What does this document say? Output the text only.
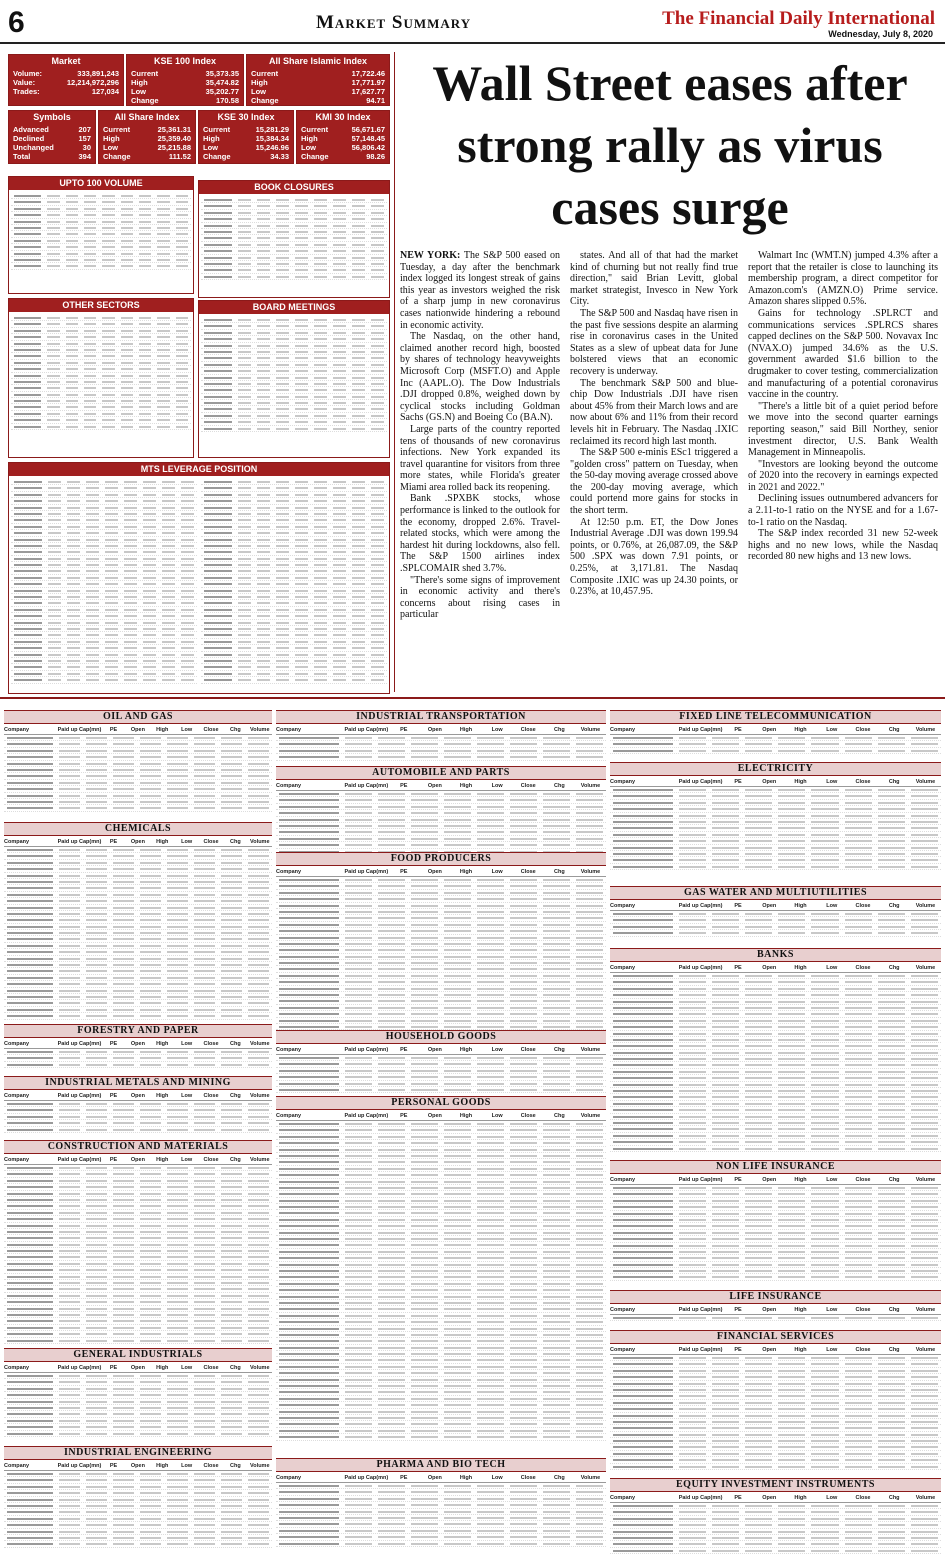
6	Market Summary	The Financial Daily International
Wednesday, July 8, 2020
Market
Volume:	333,891,243
Value:	12,214,972,296
Trades:	127,034
KSE 100 Index
Current	35,373.35
High	35,474.82
Low	35,202.77
Change	170.58
All Share Islamic Index
Current	17,722.46
High	17,771.97
Low	17,627.77
Change	94.71
Symbols
Advanced	207
Declined	157
Unchanged	30
Total	394
All Share Index
Current	25,361.31
High	25,359.40
Low	25,215.88
Change	111.52
KSE 30 Index
Current	15,281.29
High	15,384.34
Low	15,246.96
Change	34.33
KMI 30 Index
Current	56,671.67
High	57,148.45
Low	56,806.42
Change	98.26
UPTO 100 VOLUME
OTHER SECTORS
BOOK CLOSURES
BOARD MEETINGS
MTS LEVERAGE POSITION
Wall Street eases after strong rally as virus cases surge

NEW YORK: The S&P 500 eased on Tuesday, a day after the benchmark index logged its longest streak of gains this year as investors weighed the risk of a sharp jump in new coronavirus cases nationwide hindering a rebound in economic activity.

The Nasdaq, on the other hand, claimed another record high, boosted by shares of technology heavyweights Microsoft Corp (MSFT.O) and Apple Inc (AAPL.O). The Dow Industrials .DJI dropped 0.8%, weighed down by cyclical stocks including Goldman Sachs (GS.N) and Boeing Co (BA.N).

Large parts of the country reported tens of thousands of new coronavirus infections. New York expanded its travel quarantine for visitors from three more states, while Florida's greater Miami area rolled back its reopening.

Bank .SPXBK stocks, whose performance is linked to the outlook for the economy, dropped 2.6%. Travel-related stocks, which were among the hardest hit during lockdowns, also fell. The S&P 1500 airlines index .SPLCOMAIR shed 3.7%.

"There's some signs of improvement in economic activity and there's concerns about rising cases in particular

states. And all of that had the market kind of churning but not really find true direction," said Brian Levitt, global market strategist, Invesco in New York City.

The S&P 500 and Nasdaq have risen in the past five sessions despite an alarming rise in coronavirus cases in the United States as a slew of upbeat data for June bolstered views that an economic recovery is underway.

The benchmark S&P 500 and blue-chip Dow Industrials .DJI have risen about 45% from their March lows and are now about 6% and 11% from their record levels hit in February. The Nasdaq .IXIC reclaimed its record high last month.

The S&P 500 e-minis ESc1 triggered a "golden cross" pattern on Tuesday, when the 50-day moving average crossed above the 200-day moving average, which could portend more gains for stocks in the short term.

At 12:50 p.m. ET, the Dow Jones Industrial Average .DJI was down 199.94 points, or 0.76%, at 26,087.09, the S&P 500 .SPX was down 7.91 points, or 0.25%, at 3,171.81. The Nasdaq Composite .IXIC was up 24.30 points, or 0.23%, at 10,457.95.

Walmart Inc (WMT.N) jumped 4.3% after a report that the retailer is close to launching its membership program, a direct competitor for Amazon.com's (AMZN.O) Prime service. Amazon shares slipped 0.5%.

Gains for technology .SPLRCT and communications services .SPLRCS shares capped declines on the S&P 500. Novavax Inc (NVAX.O) jumped 34.6% as the U.S. government awarded $1.6 billion to the drugmaker to cover testing, commercialization and manufacturing of a potential coronavirus vaccine in the country.

"There's a little bit of a quiet period before we move into the second quarter earnings reporting season," said Bill Northey, senior investment director, U.S. Bank Wealth Management in Minneapolis.

"Investors are looking beyond the outcome of 2020 into the recovery in earnings expected in 2021 and 2022."

Declining issues outnumbered advancers for a 2.11-to-1 ratio on the NYSE and for a 1.67-to-1 ratio on the Nasdaq.

The S&P index recorded 31 new 52-week highs and no new lows, while the Nasdaq recorded 80 new highs and 13 new lows.

OIL AND GAS
Company	Paid up Cap(mn)	PE	Open	High	Low	Close	Chg	Volume
CHEMICALS
Company	Paid up Cap(mn)	PE	Open	High	Low	Close	Chg	Volume
FORESTRY AND PAPER
Company	Paid up Cap(mn)	PE	Open	High	Low	Close	Chg	Volume
INDUSTRIAL METALS AND MINING
Company	Paid up Cap(mn)	PE	Open	High	Low	Close	Chg	Volume
CONSTRUCTION AND MATERIALS
Company	Paid up Cap(mn)	PE	Open	High	Low	Close	Chg	Volume
GENERAL INDUSTRIALS
Company	Paid up Cap(mn)	PE	Open	High	Low	Close	Chg	Volume
INDUSTRIAL ENGINEERING
Company	Paid up Cap(mn)	PE	Open	High	Low	Close	Chg	Volume
INDUSTRIAL TRANSPORTATION
Company	Paid up Cap(mn)	PE	Open	High	Low	Close	Chg	Volume
AUTOMOBILE AND PARTS
Company	Paid up Cap(mn)	PE	Open	High	Low	Close	Chg	Volume
FOOD PRODUCERS
Company	Paid up Cap(mn)	PE	Open	High	Low	Close	Chg	Volume
HOUSEHOLD GOODS
Company	Paid up Cap(mn)	PE	Open	High	Low	Close	Chg	Volume
PERSONAL GOODS
Company	Paid up Cap(mn)	PE	Open	High	Low	Close	Chg	Volume
PHARMA AND BIO TECH
Company	Paid up Cap(mn)	PE	Open	High	Low	Close	Chg	Volume
FIXED LINE TELECOMMUNICATION
Company	Paid up Cap(mn)	PE	Open	High	Low	Close	Chg	Volume
ELECTRICITY
Company	Paid up Cap(mn)	PE	Open	High	Low	Close	Chg	Volume
GAS WATER AND MULTIUTILITIES
Company	Paid up Cap(mn)	PE	Open	High	Low	Close	Chg	Volume
BANKS
Company	Paid up Cap(mn)	PE	Open	High	Low	Close	Chg	Volume
NON LIFE INSURANCE
Company	Paid up Cap(mn)	PE	Open	High	Low	Close	Chg	Volume
LIFE INSURANCE
Company	Paid up Cap(mn)	PE	Open	High	Low	Close	Chg	Volume
FINANCIAL SERVICES
Company	Paid up Cap(mn)	PE	Open	High	Low	Close	Chg	Volume
EQUITY INVESTMENT INSTRUMENTS
Company	Paid up Cap(mn)	PE	Open	High	Low	Close	Chg	Volume
